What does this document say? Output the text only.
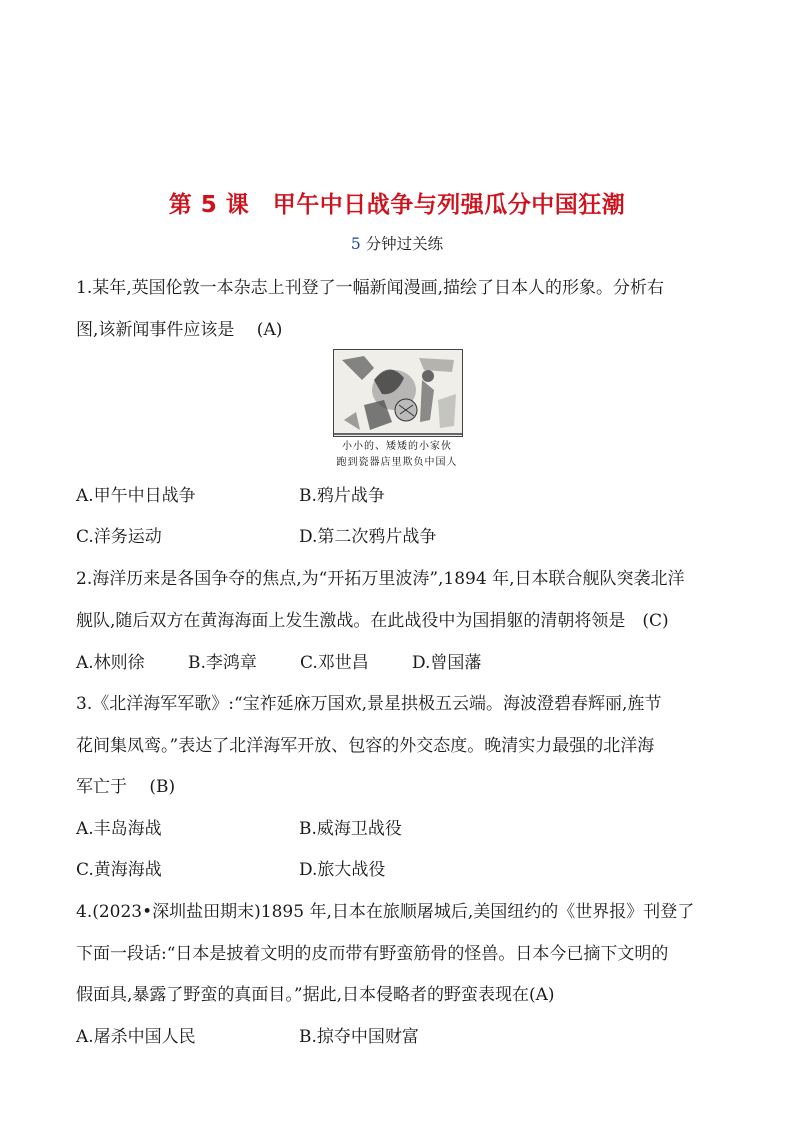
第 5 课　甲午中日战争与列强瓜分中国狂潮
5 分钟过关练
1.某年,英国伦敦一本杂志上刊登了一幅新闻漫画,描绘了日本人的形象。分析右
图,该新闻事件应该是　 (A)
小小的、矮矮的小家伙
跑到瓷器店里欺负中国人
A.甲午中日战争	B.鸦片战争
C.洋务运动	D.第二次鸦片战争
2.海洋历来是各国争夺的焦点,为“开拓万里波涛”,1894 年,日本联合舰队突袭北洋
舰队,随后双方在黄海海面上发生激战。在此战役中为国捐躯的清朝将领是　(C)
A.林则徐	B.李鸿章	C.邓世昌	D.曾国藩
3.《北洋海军军歌》:“宝祚延庥万国欢,景星拱极五云端。海波澄碧春辉丽,旌节
花间集凤鸾。”表达了北洋海军开放、包容的外交态度。晚清实力最强的北洋海
军亡于　 (B)
A.丰岛海战	B.威海卫战役
C.黄海海战	D.旅大战役
4.(2023•深圳盐田期末)1895 年,日本在旅顺屠城后,美国纽约的《世界报》刊登了
下面一段话:“日本是披着文明的皮而带有野蛮筋骨的怪兽。日本今已摘下文明的
假面具,暴露了野蛮的真面目。”据此,日本侵略者的野蛮表现在(A)
A.屠杀中国人民	B.掠夺中国财富
